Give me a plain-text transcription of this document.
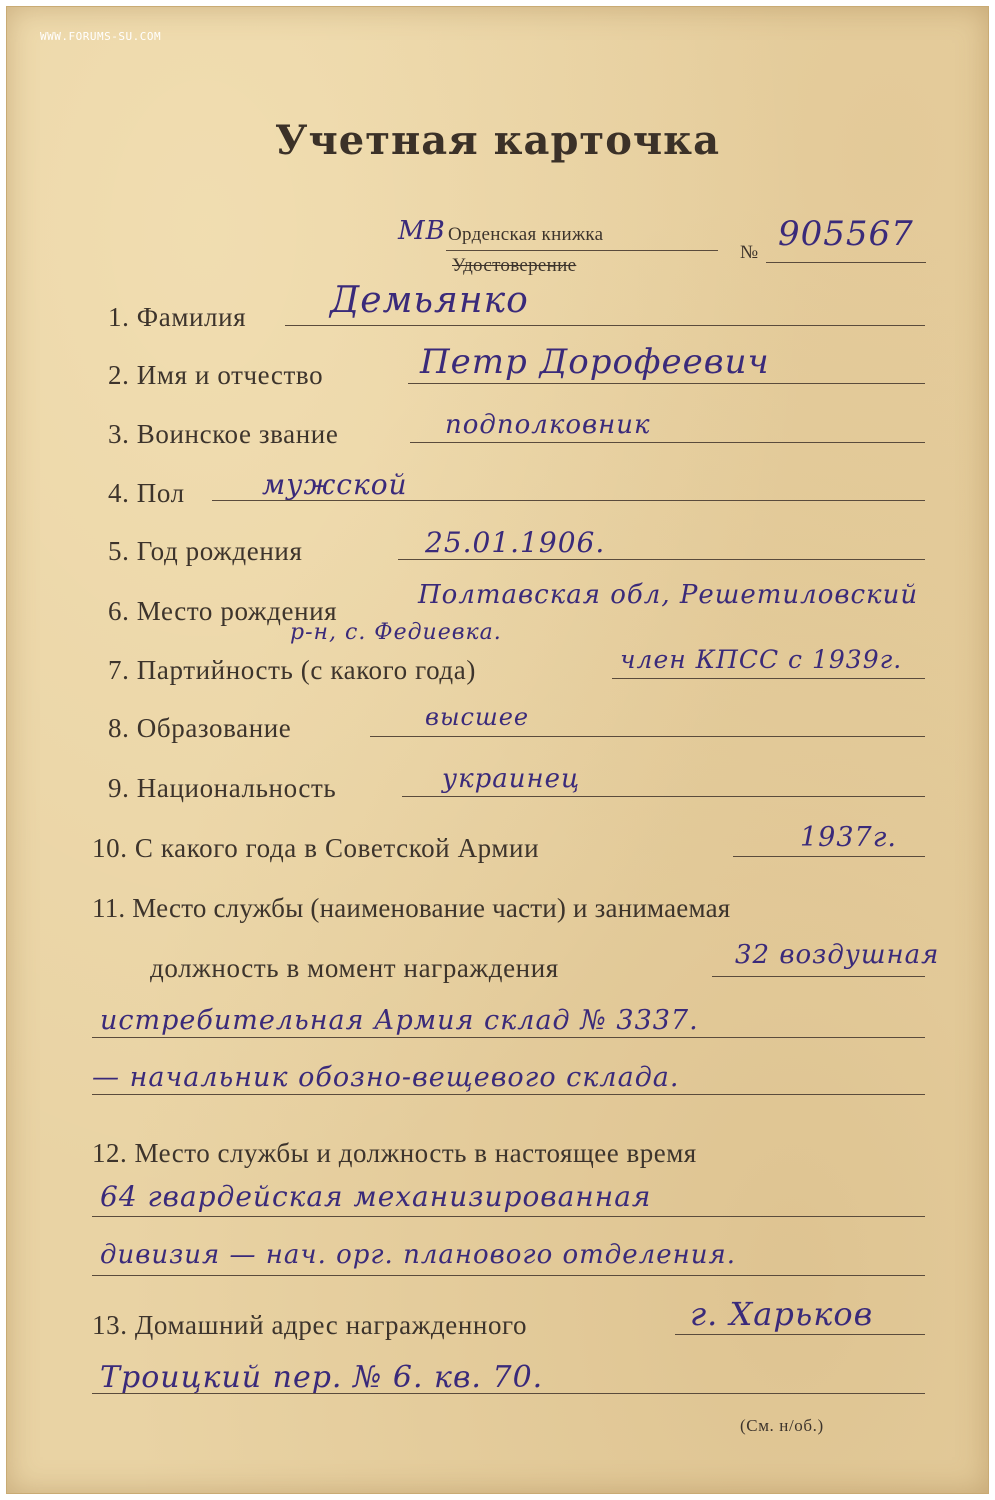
WWW.FORUMS-SU.COM
Учетная карточка
МВ Орденская книжка
Удостоверение
№ 905567
1. Фамилия Демьянко
2. Имя и отчество	Петр Дорофеевич
3. Воинское звание	подполковник
4. Пол	мужской
5. Год рождения	25.01.1906.
6. Место рождения
Полтавская обл, Решетиловский
р-н, с. Федиевка.
7. Партийность (с какого года)	член КПСС с 1939г.
8. Образование	высшее
9. Национальность	украинец
10. С какого года в Советской Армии	1937г.
11. Место службы (наименование части) и занимаемая
должность в момент награждения	32 воздушная
истребительная Армия склад № 3337.
— начальник обозно-вещевого склада.
12. Место службы и должность в настоящее время
64 гвардейская механизированная
дивизия — нач. орг. планового отделения.
13. Домашний адрес награжденного	г. Харьков
Троицкий пер. № 6. кв. 70.
(См. н/об.)
